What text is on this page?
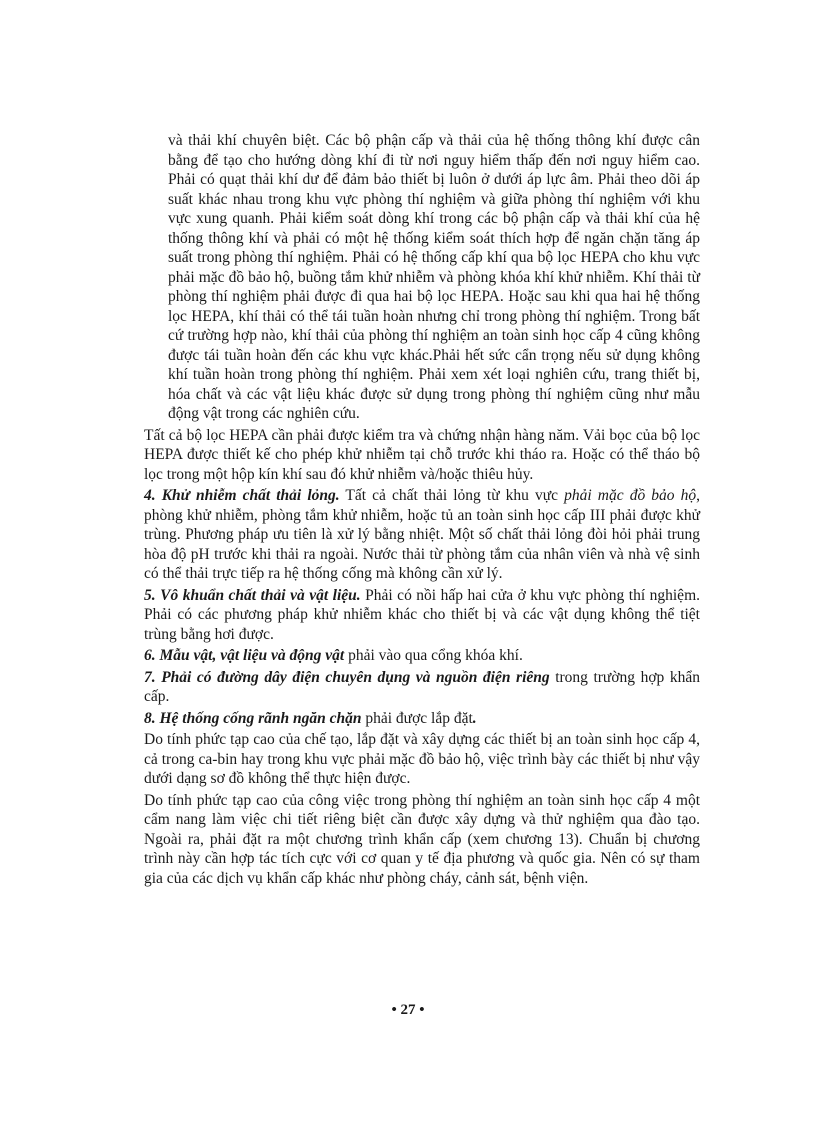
và thải khí chuyên biệt. Các bộ phận cấp và thải của hệ thống thông khí được cân bằng để tạo cho hướng dòng khí đi từ nơi nguy hiểm thấp đến nơi nguy hiểm cao. Phải có quạt thải khí dư để đảm bảo thiết bị luôn ở dưới áp lực âm. Phải theo dõi áp suất khác nhau trong khu vực phòng thí nghiệm và giữa phòng thí nghiệm với khu vực xung quanh. Phải kiểm soát dòng khí trong các bộ phận cấp và thải khí của hệ thống thông khí và phải có một hệ thống kiểm soát thích hợp để ngăn chặn tăng áp suất trong phòng thí nghiệm. Phải có hệ thống cấp khí qua bộ lọc HEPA cho khu vực phải mặc đồ bảo hộ, buồng tắm khử nhiễm và phòng khóa khí khử nhiễm. Khí thải từ phòng thí nghiệm phải được đi qua hai bộ lọc HEPA. Hoặc sau khi qua hai hệ thống lọc HEPA, khí thải có thể tái tuần hoàn nhưng chỉ trong phòng thí nghiệm. Trong bất cứ trường hợp nào, khí thải của phòng thí nghiệm an toàn sinh học cấp 4 cũng không được tái tuần hoàn đến các khu vực khác.Phải hết sức cẩn trọng nếu sử dụng không khí tuần hoàn trong phòng thí nghiệm. Phải xem xét loại nghiên cứu, trang thiết bị, hóa chất và các vật liệu khác được sử dụng trong phòng thí nghiệm cũng như mẫu động vật trong các nghiên cứu.

Tất cả bộ lọc HEPA cần phải được kiểm tra và chứng nhận hàng năm. Vải bọc của bộ lọc HEPA được thiết kế cho phép khử nhiễm tại chỗ trước khi tháo ra. Hoặc có thể tháo bộ lọc trong một hộp kín khí sau đó khử nhiễm và/hoặc thiêu hủy.

4. Khử nhiễm chất thải lỏng. Tất cả chất thải lỏng từ khu vực phải mặc đồ bảo hộ, phòng khử nhiễm, phòng tắm khử nhiễm, hoặc tủ an toàn sinh học cấp III phải được khử trùng. Phương pháp ưu tiên là xử lý bằng nhiệt. Một số chất thải lỏng đòi hỏi phải trung hòa độ pH trước khi thải ra ngoài. Nước thải từ phòng tắm của nhân viên và nhà vệ sinh có thể thải trực tiếp ra hệ thống cống mà không cần xử lý.

5. Vô khuẩn chất thải và vật liệu. Phải có nồi hấp hai cửa ở khu vực phòng thí nghiệm. Phải có các phương pháp khử nhiễm khác cho thiết bị và các vật dụng không thể tiệt trùng bằng hơi được.

6. Mẫu vật, vật liệu và động vật phải vào qua cổng khóa khí.

7. Phải có đường dây điện chuyên dụng và nguồn điện riêng trong trường hợp khẩn cấp.

8. Hệ thống cống rãnh ngăn chặn phải được lắp đặt.

Do tính phức tạp cao của chế tạo, lắp đặt và xây dựng các thiết bị an toàn sinh học cấp 4, cả trong ca-bin hay trong khu vực phải mặc đồ bảo hộ, việc trình bày các thiết bị như vậy dưới dạng sơ đồ không thể thực hiện được.

Do tính phức tạp cao của công việc trong phòng thí nghiệm an toàn sinh học cấp 4 một cẩm nang làm việc chi tiết riêng biệt cần được xây dựng và thử nghiệm qua đào tạo. Ngoài ra, phải đặt ra một chương trình khẩn cấp (xem chương 13). Chuẩn bị chương trình này cần hợp tác tích cực với cơ quan y tế địa phương và quốc gia. Nên có sự tham gia của các dịch vụ khẩn cấp khác như phòng cháy, cảnh sát, bệnh viện.

• 27 •
